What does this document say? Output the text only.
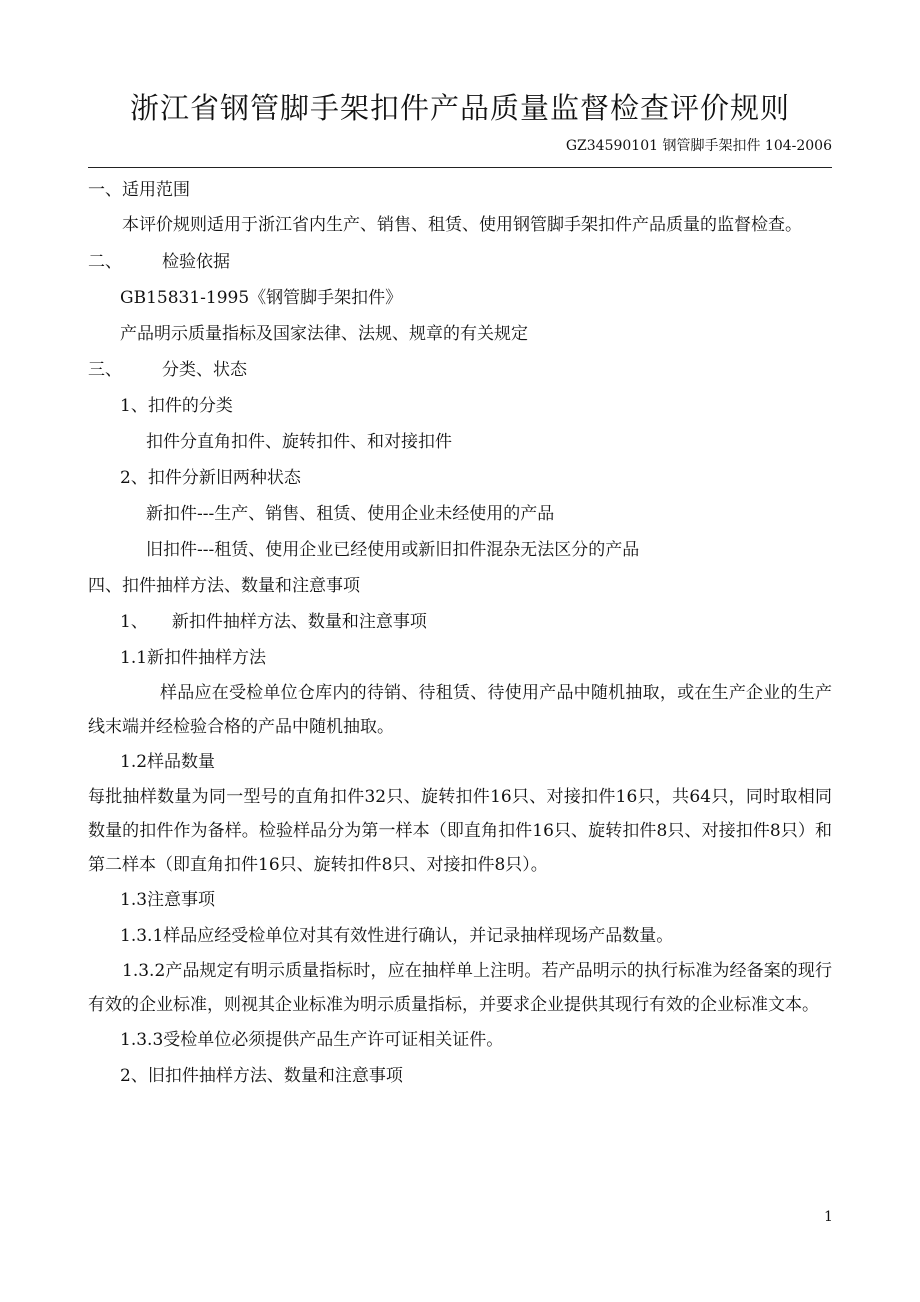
浙江省钢管脚手架扣件产品质量监督检查评价规则
GZ34590101 钢管脚手架扣件 104-2006
一、适用范围
本评价规则适用于浙江省内生产、销售、租赁、使用钢管脚手架扣件产品质量的监督检查。
二、 检验依据
GB15831-1995《钢管脚手架扣件》
产品明示质量指标及国家法律、法规、规章的有关规定
三、 分类、状态
1、扣件的分类
扣件分直角扣件、旋转扣件、和对接扣件
2、扣件分新旧两种状态
新扣件---生产、销售、租赁、使用企业未经使用的产品
旧扣件---租赁、使用企业已经使用或新旧扣件混杂无法区分的产品
四、扣件抽样方法、数量和注意事项
1、 新扣件抽样方法、数量和注意事项
1.1新扣件抽样方法
样品应在受检单位仓库内的待销、待租赁、待使用产品中随机抽取，或在生产企业的生产线末端并经检验合格的产品中随机抽取。
1.2样品数量
每批抽样数量为同一型号的直角扣件32只、旋转扣件16只、对接扣件16只，共64只，同时取相同数量的扣件作为备样。检验样品分为第一样本（即直角扣件16只、旋转扣件8只、对接扣件8只）和第二样本（即直角扣件16只、旋转扣件8只、对接扣件8只）。
1.3注意事项
1.3.1样品应经受检单位对其有效性进行确认，并记录抽样现场产品数量。
1.3.2产品规定有明示质量指标时，应在抽样单上注明。若产品明示的执行标准为经备案的现行有效的企业标准，则视其企业标准为明示质量指标，并要求企业提供其现行有效的企业标准文本。
1.3.3受检单位必须提供产品生产许可证相关证件。
2、旧扣件抽样方法、数量和注意事项
1
